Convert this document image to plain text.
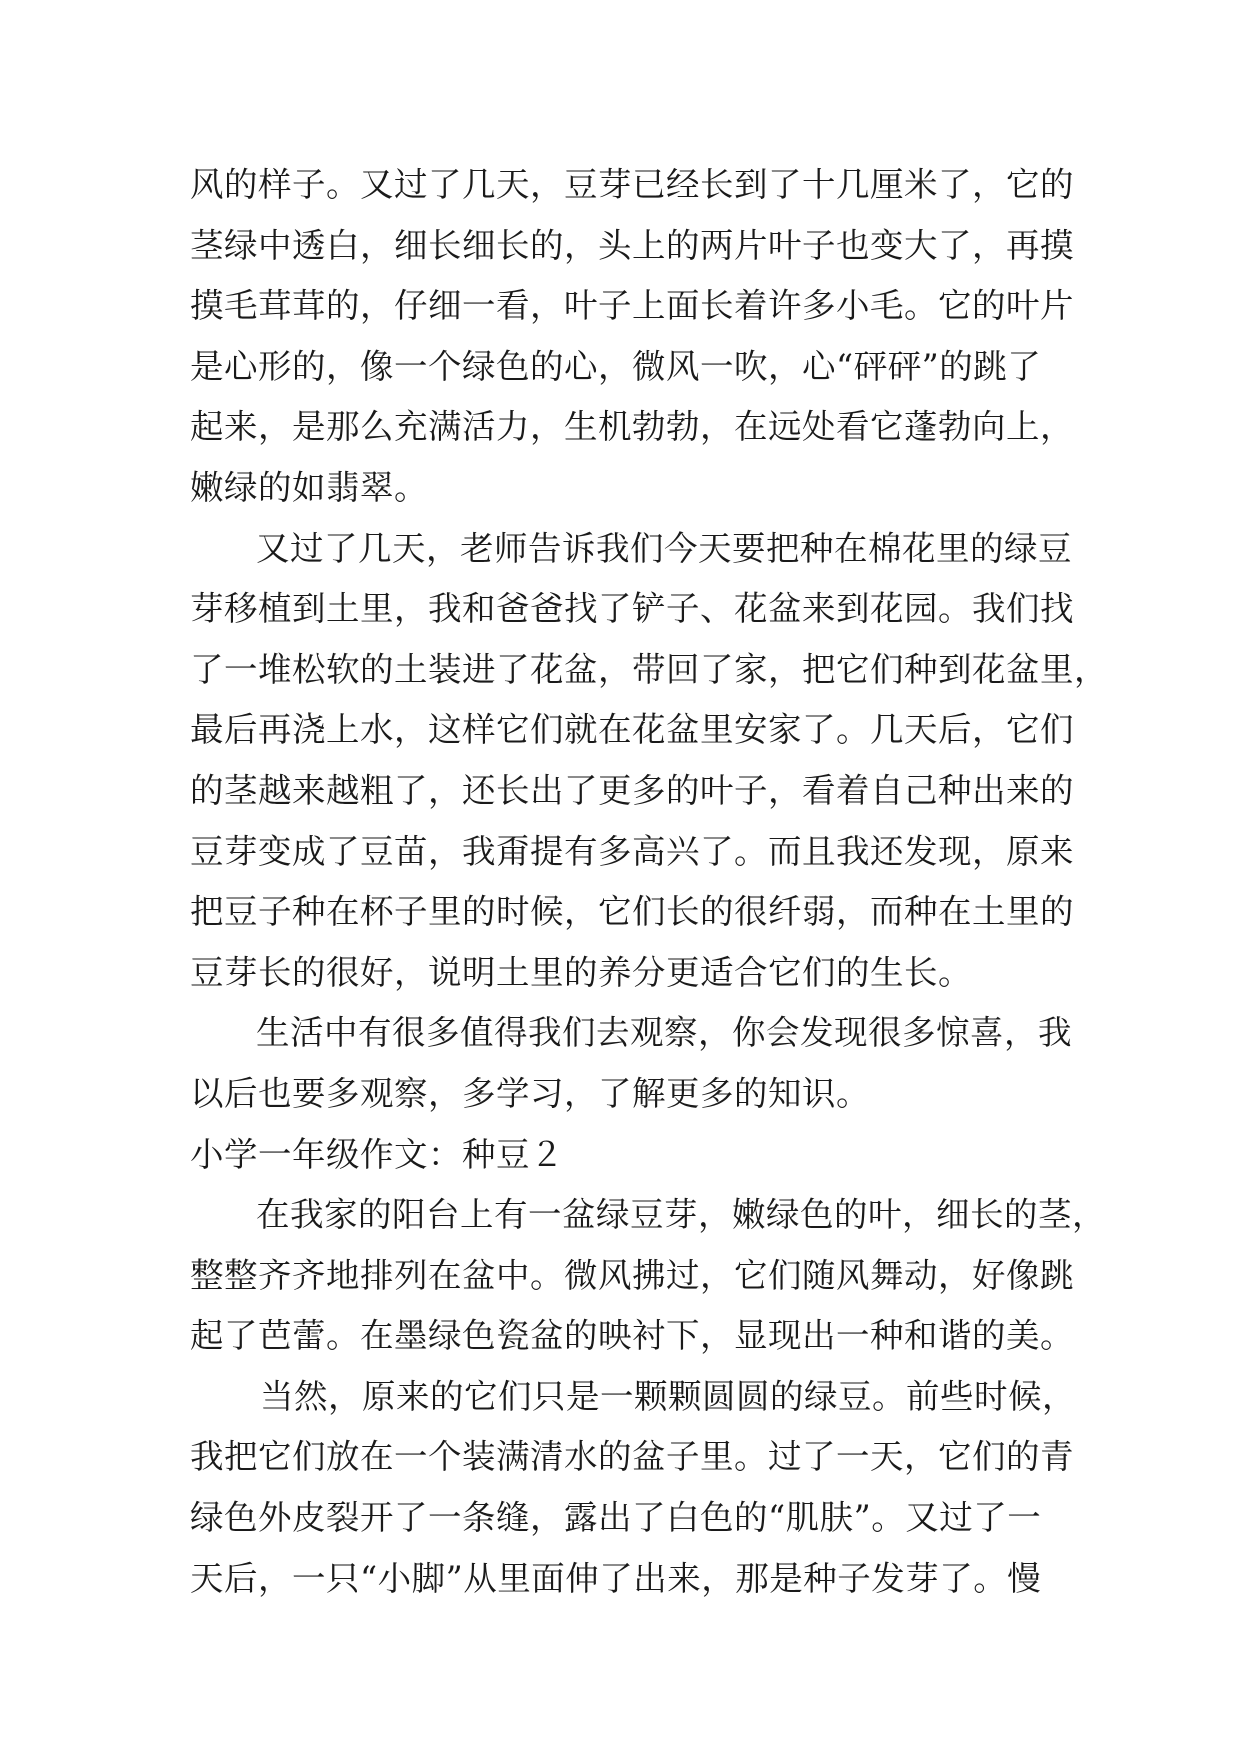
风的样子。又过了几天，豆芽已经长到了十几厘米了，它的
茎绿中透白，细长细长的，头上的两片叶子也变大了，再摸
摸毛茸茸的，仔细一看，叶子上面长着许多小毛。它的叶片
是心形的，像一个绿色的心，微风一吹，心“砰砰”的跳了
起来，是那么充满活力，生机勃勃，在远处看它蓬勃向上，
嫩绿的如翡翠。
又过了几天，老师告诉我们今天要把种在棉花里的绿豆
芽移植到土里，我和爸爸找了铲子、花盆来到花园。我们找
了一堆松软的土装进了花盆，带回了家，把它们种到花盆里，
最后再浇上水，这样它们就在花盆里安家了。几天后，它们
的茎越来越粗了，还长出了更多的叶子，看着自己种出来的
豆芽变成了豆苗，我甭提有多高兴了。而且我还发现，原来
把豆子种在杯子里的时候，它们长的很纤弱，而种在土里的
豆芽长的很好，说明土里的养分更适合它们的生长。
生活中有很多值得我们去观察，你会发现很多惊喜，我
以后也要多观察，多学习，了解更多的知识。
小学一年级作文：种豆２
在我家的阳台上有一盆绿豆芽，嫩绿色的叶，细长的茎，
整整齐齐地排列在盆中。微风拂过，它们随风舞动，好像跳
起了芭蕾。在墨绿色瓷盆的映衬下，显现出一种和谐的美。
当然，原来的它们只是一颗颗圆圆的绿豆。前些时候，
我把它们放在一个装满清水的盆子里。过了一天，它们的青
绿色外皮裂开了一条缝，露出了白色的“肌肤”。又过了一
天后，一只“小脚”从里面伸了出来，那是种子发芽了。慢
